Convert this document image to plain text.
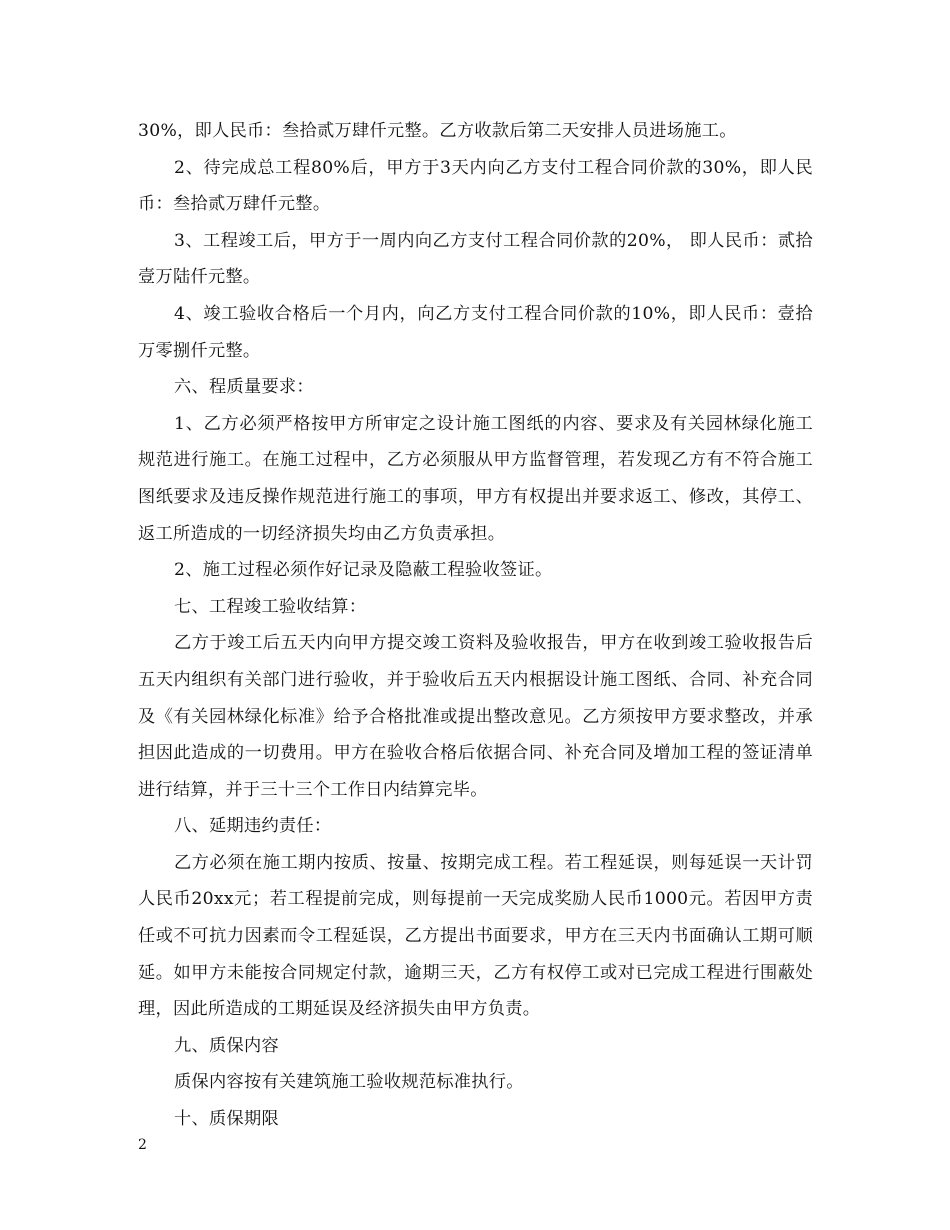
30%，即人民币：叁拾贰万肆仟元整。乙方收款后第二天安排人员进场施工。

2、待完成总工程80%后，甲方于3天内向乙方支付工程合同价款的30%，即人民币：叁拾贰万肆仟元整。

3、工程竣工后，甲方于一周内向乙方支付工程合同价款的20%， 即人民币：贰拾壹万陆仟元整。

4、竣工验收合格后一个月内，向乙方支付工程合同价款的10%，即人民币：壹拾万零捌仟元整。

六、程质量要求：

1、乙方必须严格按甲方所审定之设计施工图纸的内容、要求及有关园林绿化施工规范进行施工。在施工过程中，乙方必须服从甲方监督管理，若发现乙方有不符合施工图纸要求及违反操作规范进行施工的事项，甲方有权提出并要求返工、修改，其停工、返工所造成的一切经济损失均由乙方负责承担。

2、施工过程必须作好记录及隐蔽工程验收签证。

七、工程竣工验收结算：

乙方于竣工后五天内向甲方提交竣工资料及验收报告，甲方在收到竣工验收报告后五天内组织有关部门进行验收，并于验收后五天内根据设计施工图纸、合同、补充合同及《有关园林绿化标准》给予合格批准或提出整改意见。乙方须按甲方要求整改，并承担因此造成的一切费用。甲方在验收合格后依据合同、补充合同及增加工程的签证清单进行结算，并于三十三个工作日内结算完毕。

八、延期违约责任：

乙方必须在施工期内按质、按量、按期完成工程。若工程延误，则每延误一天计罚人民币20xx元；若工程提前完成，则每提前一天完成奖励人民币1000元。若因甲方责任或不可抗力因素而令工程延误，乙方提出书面要求，甲方在三天内书面确认工期可顺延。如甲方未能按合同规定付款，逾期三天，乙方有权停工或对已完成工程进行围蔽处理，因此所造成的工期延误及经济损失由甲方负责。

九、质保内容

质保内容按有关建筑施工验收规范标准执行。

十、质保期限

2
